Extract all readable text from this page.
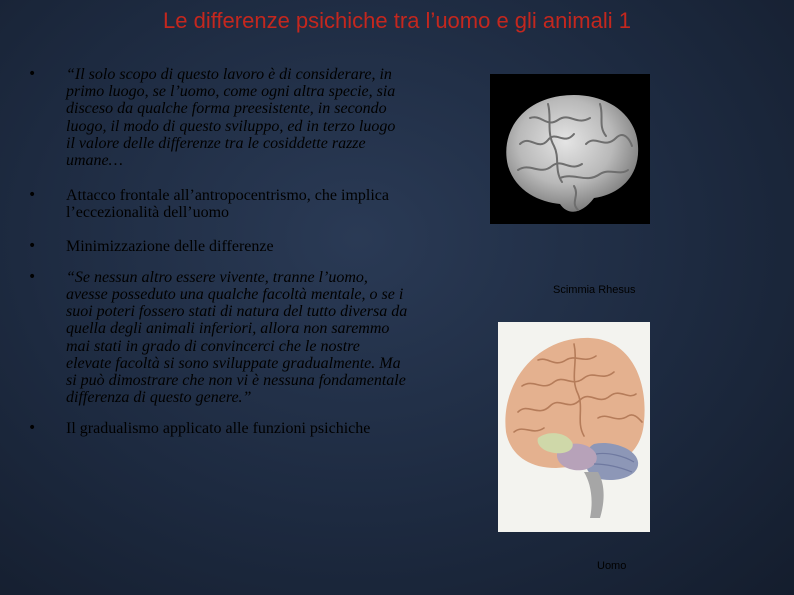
Le differenze psichiche tra l’uomo e gli animali 1
• “Il solo scopo di questo lavoro è di considerare, in primo luogo, se l’uomo, come ogni altra specie, sia disceso da qualche forma preesistente, in secondo luogo, il modo di questo sviluppo, ed in terzo luogo il valore delle differenze tra le cosiddette razze umane…
• Attacco frontale all’antropocentrismo, che implica l’eccezionalità dell’uomo
• Minimizzazione delle differenze
• “Se nessun altro essere vivente, tranne l’uomo, avesse posseduto una qualche facoltà mentale, o se i suoi poteri fossero stati di natura del tutto diversa da quella degli animali inferiori, allora non saremmo mai stati in grado di convincerci che le nostre elevate facoltà si sono sviluppate gradualmente. Ma si può dimostrare che non vi è nessuna fondamentale differenza di questo genere.”
• Il gradualismo applicato alle funzioni psichiche
Scimmia Rhesus
Uomo
